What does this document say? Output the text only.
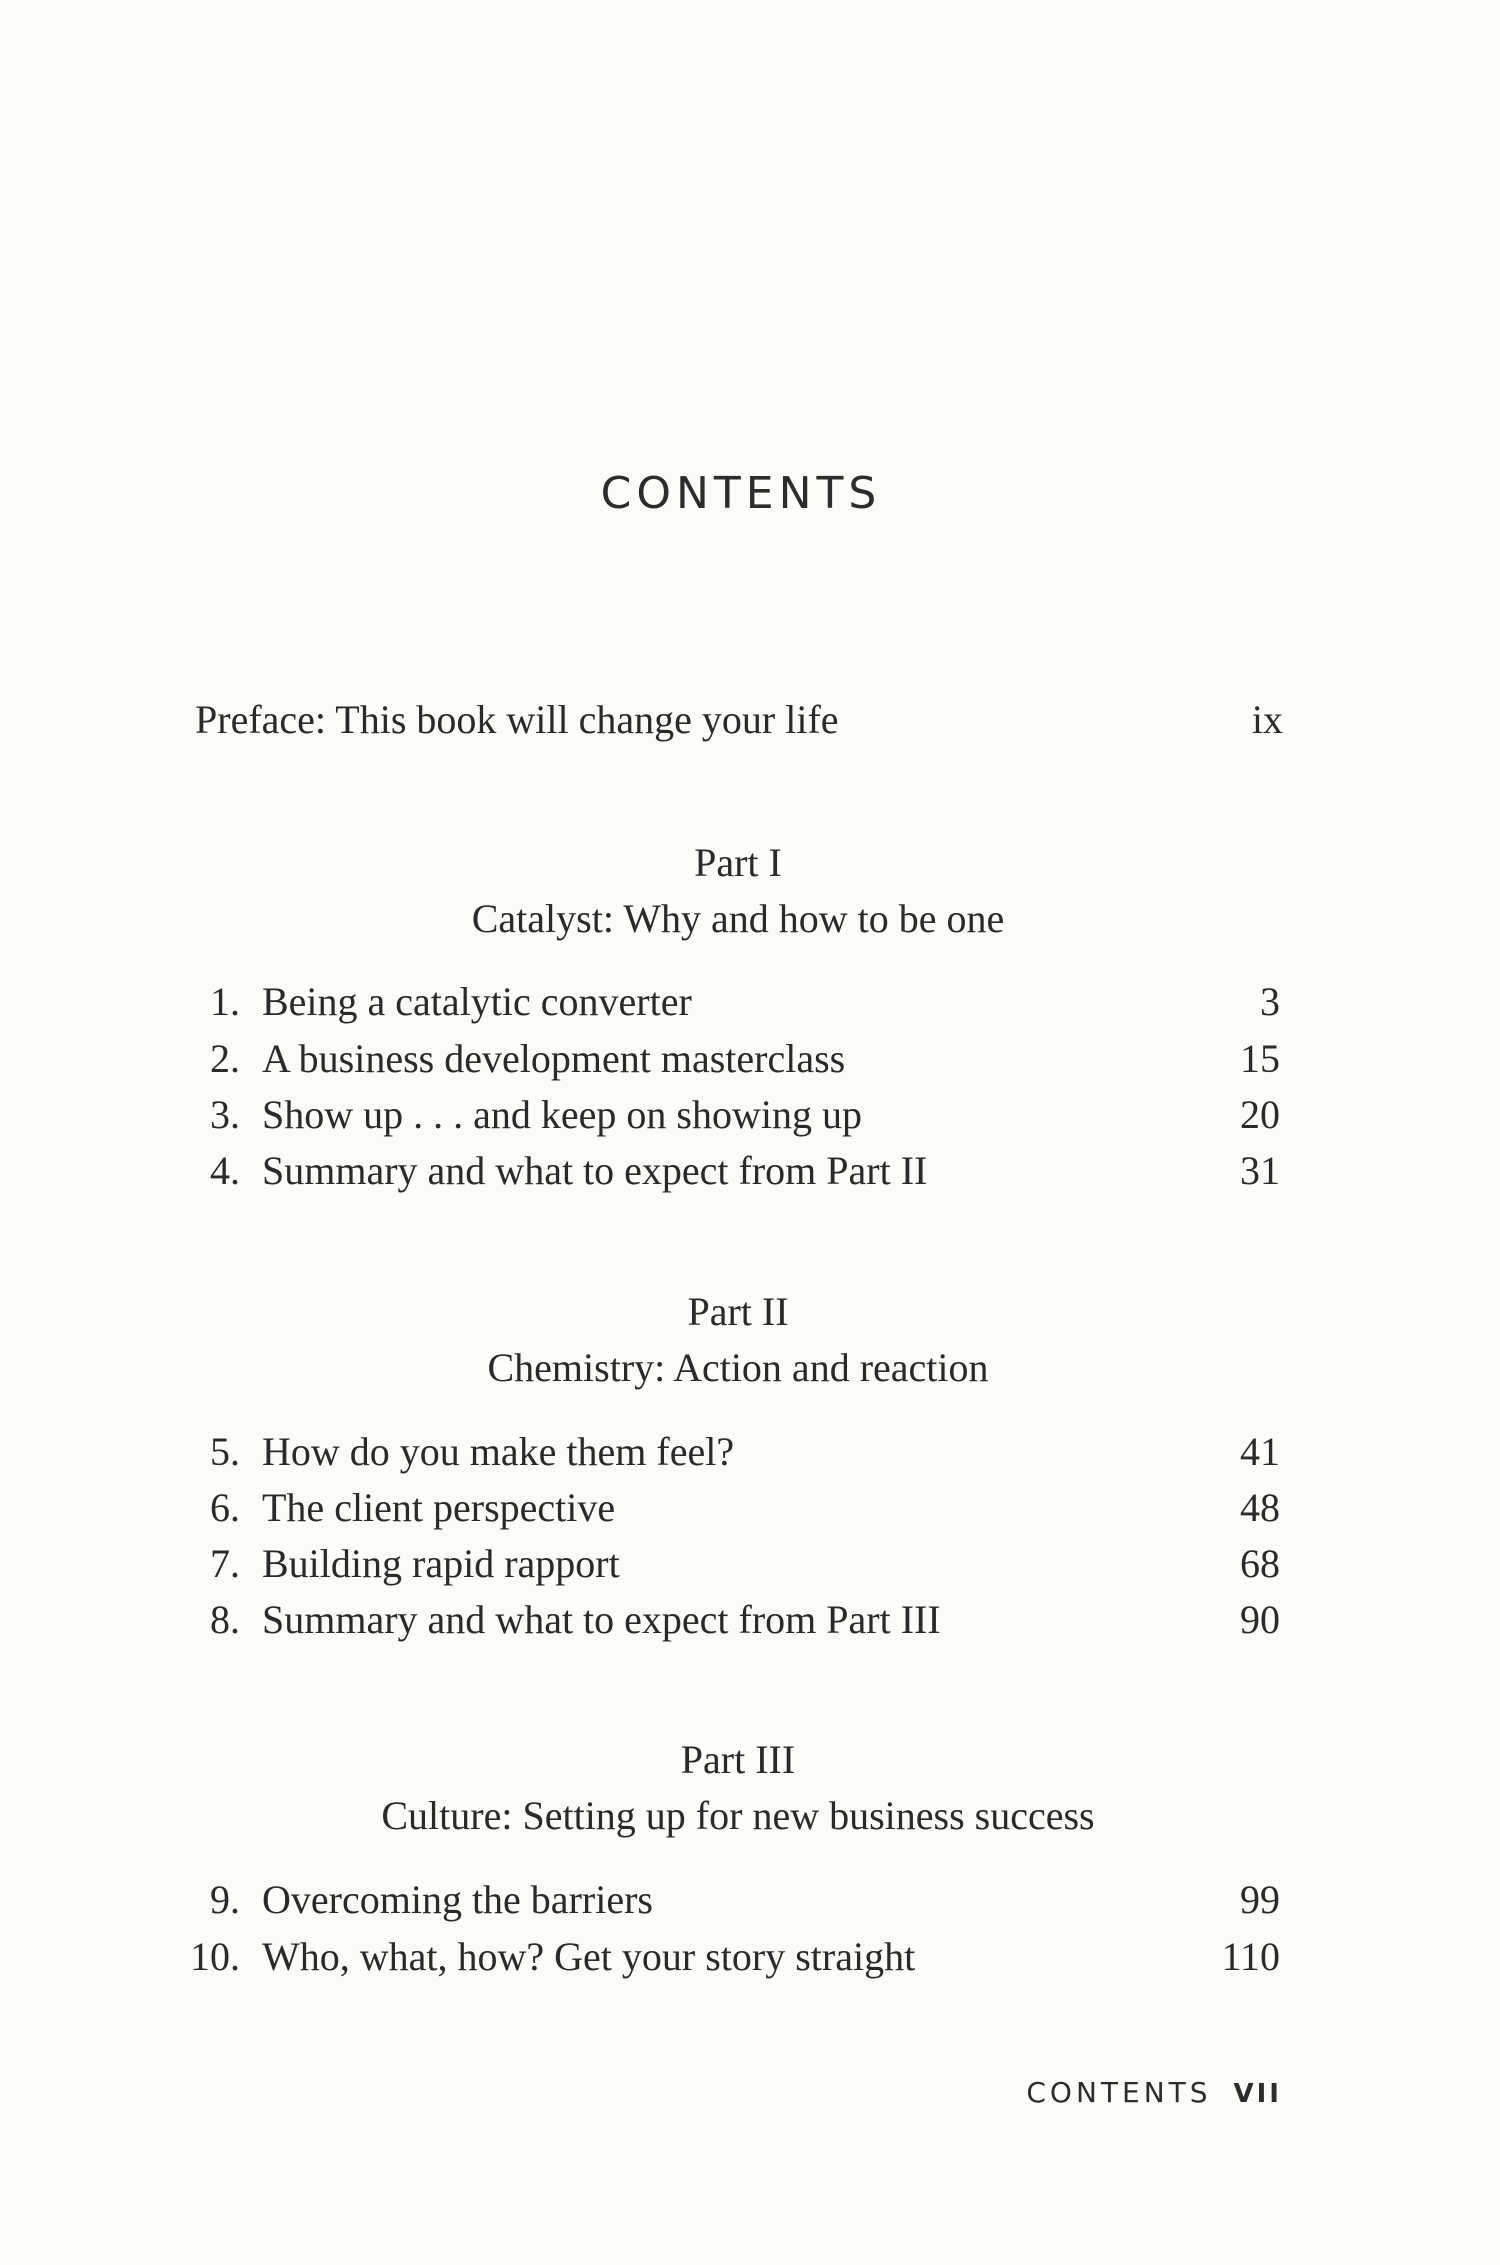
CONTENTS
Preface: This book will change your life	ix
Part I
Catalyst: Why and how to be one
1. Being a catalytic converter	3
2. A business development masterclass	15
3. Show up . . . and keep on showing up	20
4. Summary and what to expect from Part II	31
Part II
Chemistry: Action and reaction
5. How do you make them feel?	41
6. The client perspective	48
7. Building rapid rapport	68
8. Summary and what to expect from Part III	90
Part III
Culture: Setting up for new business success
9. Overcoming the barriers	99
10. Who, what, how? Get your story straight	110
CONTENTS VII
